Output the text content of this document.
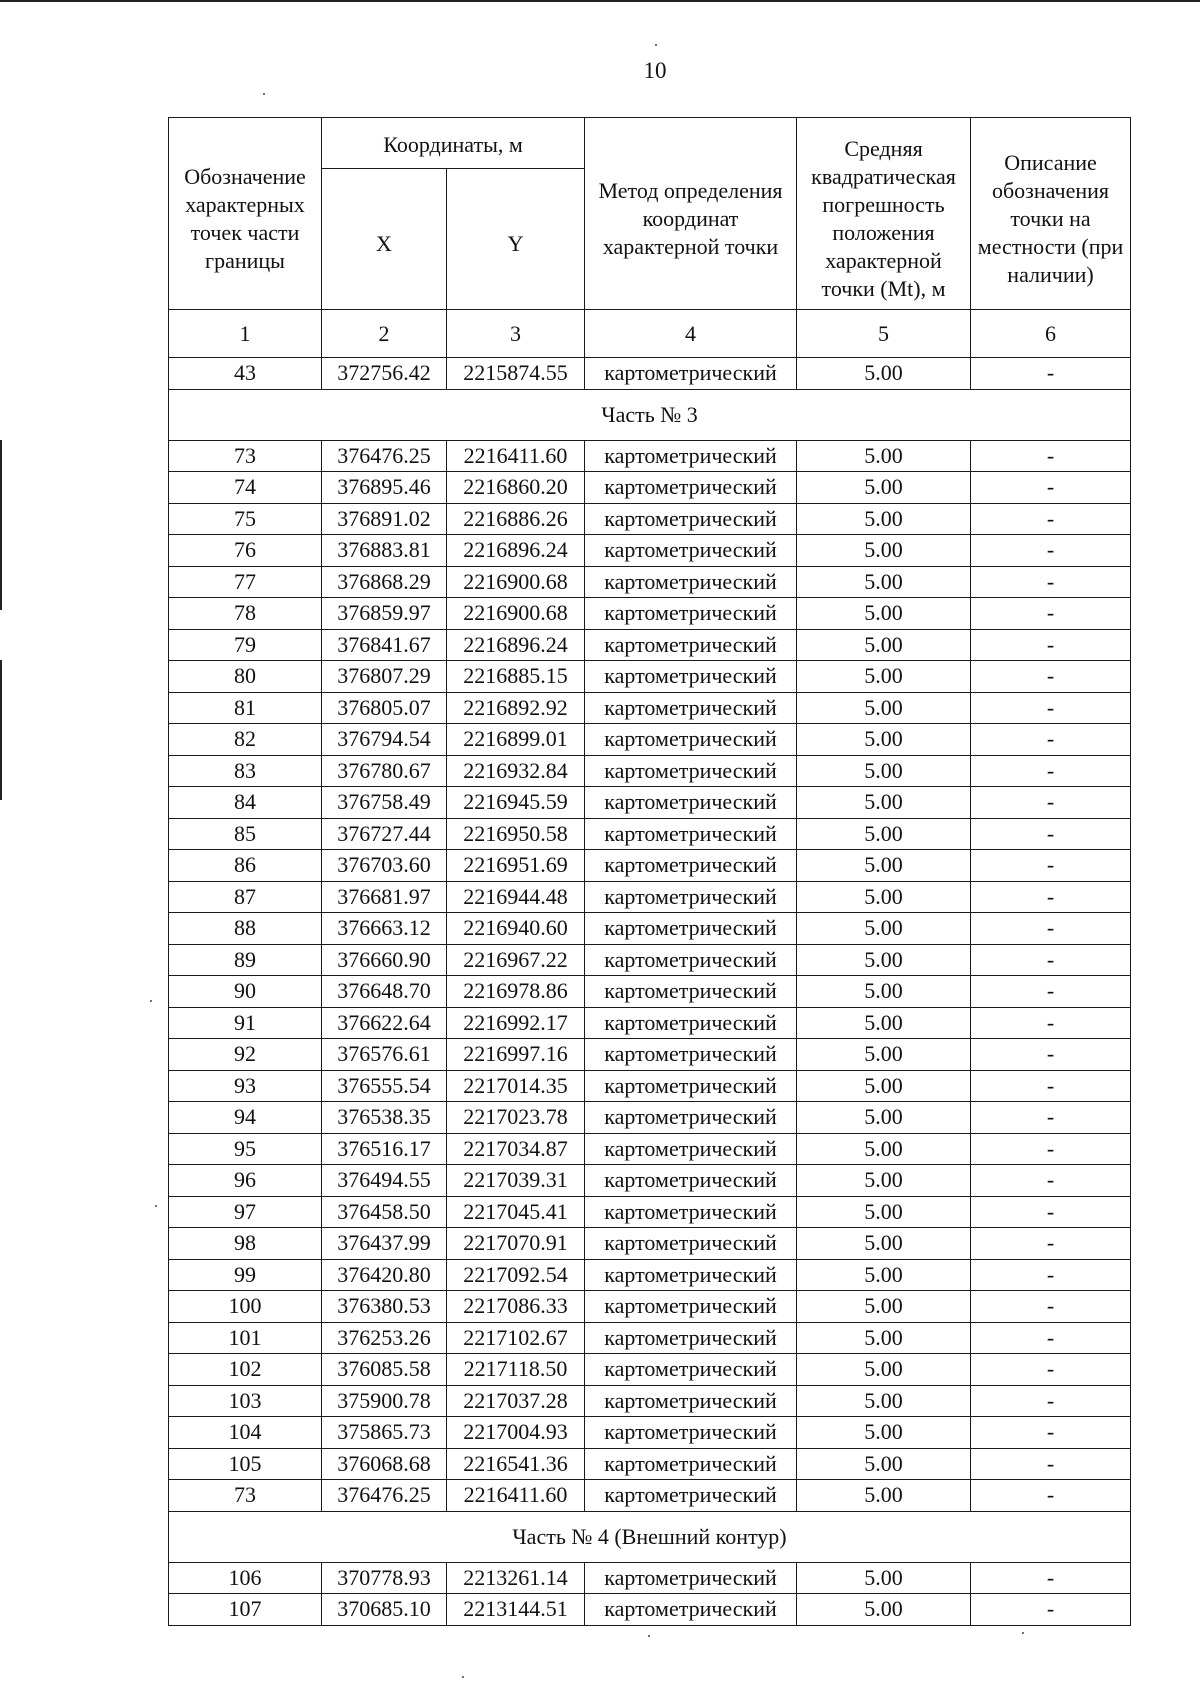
10
Обозначение характерных точек части границы	Координаты, м		Метод определения координат характерной точки	Средняя квадратическая погрешность положения характерной точки (Mt), м	Описание обозначения точки на местности (при наличии)
	X	Y			
1	2	3	4	5	6
43	372756.42	2215874.55	картометрический	5.00	-
Часть № 3					
73	376476.25	2216411.60	картометрический	5.00	-
74	376895.46	2216860.20	картометрический	5.00	-
75	376891.02	2216886.26	картометрический	5.00	-
76	376883.81	2216896.24	картометрический	5.00	-
77	376868.29	2216900.68	картометрический	5.00	-
78	376859.97	2216900.68	картометрический	5.00	-
79	376841.67	2216896.24	картометрический	5.00	-
80	376807.29	2216885.15	картометрический	5.00	-
81	376805.07	2216892.92	картометрический	5.00	-
82	376794.54	2216899.01	картометрический	5.00	-
83	376780.67	2216932.84	картометрический	5.00	-
84	376758.49	2216945.59	картометрический	5.00	-
85	376727.44	2216950.58	картометрический	5.00	-
86	376703.60	2216951.69	картометрический	5.00	-
87	376681.97	2216944.48	картометрический	5.00	-
88	376663.12	2216940.60	картометрический	5.00	-
89	376660.90	2216967.22	картометрический	5.00	-
90	376648.70	2216978.86	картометрический	5.00	-
91	376622.64	2216992.17	картометрический	5.00	-
92	376576.61	2216997.16	картометрический	5.00	-
93	376555.54	2217014.35	картометрический	5.00	-
94	376538.35	2217023.78	картометрический	5.00	-
95	376516.17	2217034.87	картометрический	5.00	-
96	376494.55	2217039.31	картометрический	5.00	-
97	376458.50	2217045.41	картометрический	5.00	-
98	376437.99	2217070.91	картометрический	5.00	-
99	376420.80	2217092.54	картометрический	5.00	-
100	376380.53	2217086.33	картометрический	5.00	-
101	376253.26	2217102.67	картометрический	5.00	-
102	376085.58	2217118.50	картометрический	5.00	-
103	375900.78	2217037.28	картометрический	5.00	-
104	375865.73	2217004.93	картометрический	5.00	-
105	376068.68	2216541.36	картометрический	5.00	-
73	376476.25	2216411.60	картометрический	5.00	-
Часть № 4 (Внешний контур)					
106	370778.93	2213261.14	картометрический	5.00	-
107	370685.10	2213144.51	картометрический	5.00	-
